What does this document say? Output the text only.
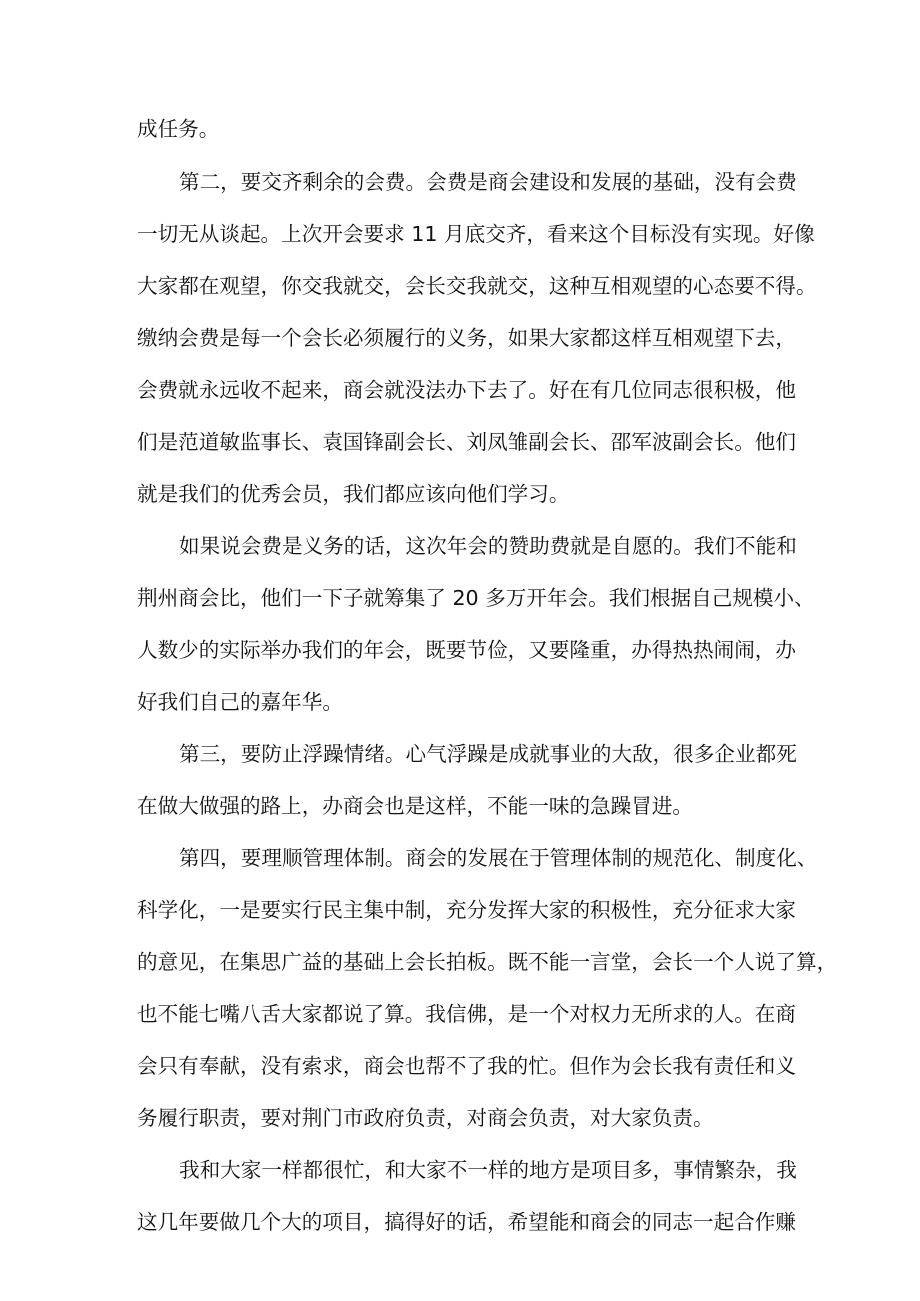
成任务。
第二，要交齐剩余的会费。会费是商会建设和发展的基础，没有会费
一切无从谈起。上次开会要求 11 月底交齐，看来这个目标没有实现。好像
大家都在观望，你交我就交，会长交我就交，这种互相观望的心态要不得。
缴纳会费是每一个会长必须履行的义务，如果大家都这样互相观望下去，
会费就永远收不起来，商会就没法办下去了。好在有几位同志很积极，他
们是范道敏监事长、袁国锋副会长、刘凤雏副会长、邵军波副会长。他们
就是我们的优秀会员，我们都应该向他们学习。
如果说会费是义务的话，这次年会的赞助费就是自愿的。我们不能和
荆州商会比，他们一下子就筹集了 20 多万开年会。我们根据自己规模小、
人数少的实际举办我们的年会，既要节俭，又要隆重，办得热热闹闹，办
好我们自己的嘉年华。
第三，要防止浮躁情绪。心气浮躁是成就事业的大敌，很多企业都死
在做大做强的路上，办商会也是这样，不能一味的急躁冒进。
第四，要理顺管理体制。商会的发展在于管理体制的规范化、制度化、
科学化，一是要实行民主集中制，充分发挥大家的积极性，充分征求大家
的意见，在集思广益的基础上会长拍板。既不能一言堂，会长一个人说了算，
也不能七嘴八舌大家都说了算。我信佛，是一个对权力无所求的人。在商
会只有奉献，没有索求，商会也帮不了我的忙。但作为会长我有责任和义
务履行职责，要对荆门市政府负责，对商会负责，对大家负责。
我和大家一样都很忙，和大家不一样的地方是项目多，事情繁杂，我
这几年要做几个大的项目，搞得好的话，希望能和商会的同志一起合作赚
